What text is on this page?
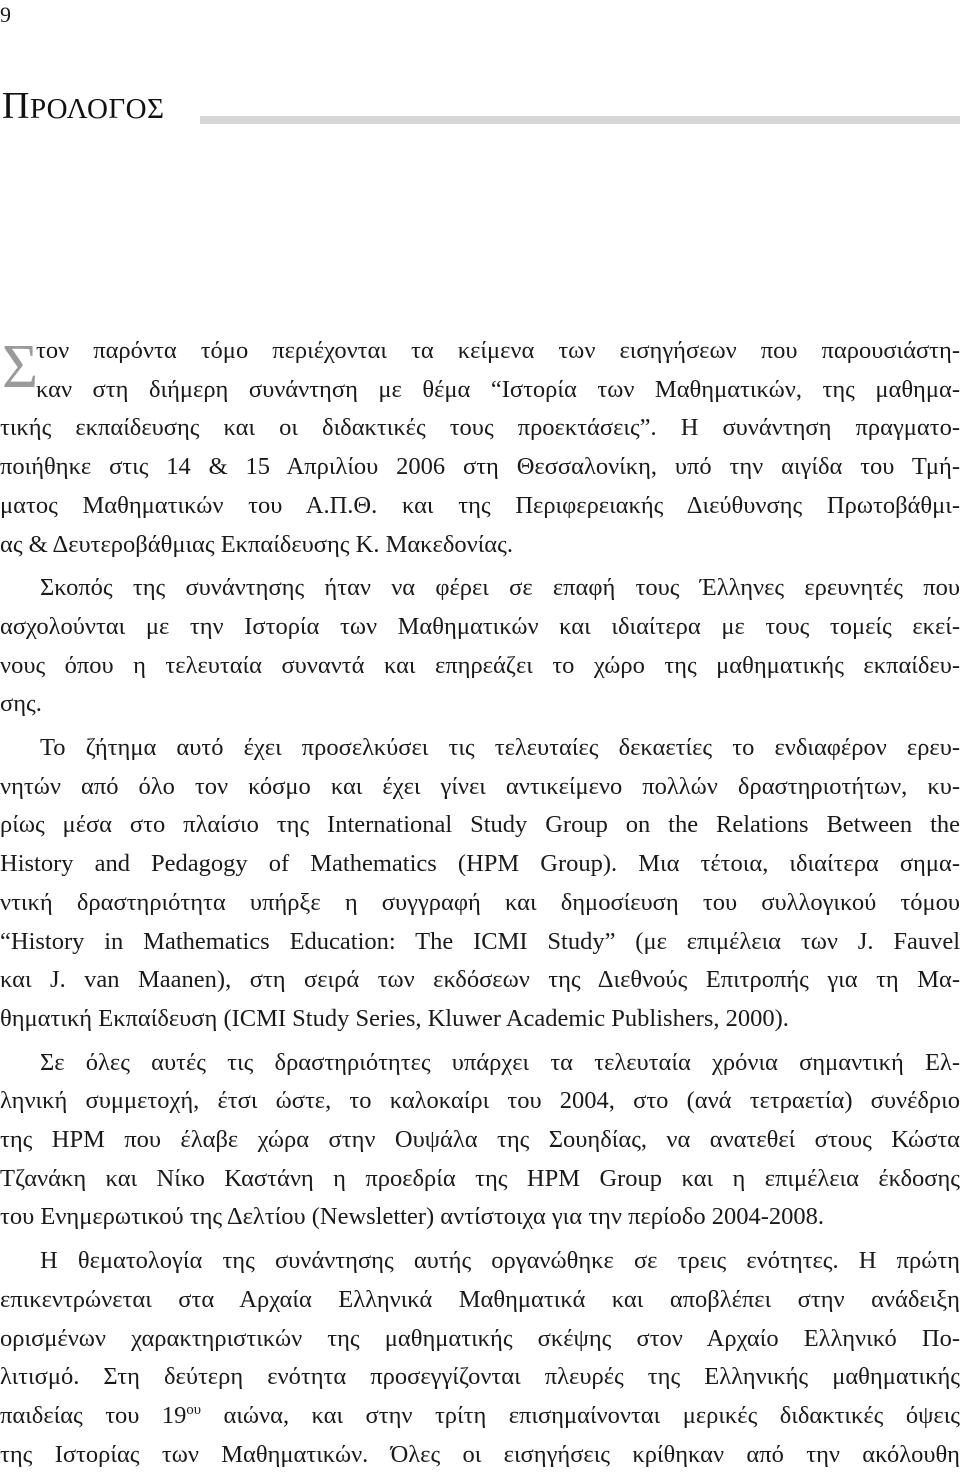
9
ΠΡΟΛΟΓΟΣ
Σ
τον παρόντα τόμο περιέχονται τα κείμενα των εισηγήσεων που παρουσιάστη-
καν στη διήμερη συνάντηση με θέμα “Ιστορία των Μαθηματικών, της μαθημα-
τικής εκπαίδευσης και οι διδακτικές τους προεκτάσεις”. Η συνάντηση πραγματο-
ποιήθηκε στις 14 & 15 Απριλίου 2006 στη Θεσσαλονίκη, υπό την αιγίδα του Τμή-
ματος Μαθηματικών του Α.Π.Θ. και της Περιφερειακής Διεύθυνσης Πρωτοβάθμι-
ας & Δευτεροβάθμιας Εκπαίδευσης Κ. Μακεδονίας.
Σκοπός της συνάντησης ήταν να φέρει σε επαφή τους Έλληνες ερευνητές που
ασχολούνται με την Ιστορία των Μαθηματικών και ιδιαίτερα με τους τομείς εκεί-
νους όπου η τελευταία συναντά και επηρεάζει το χώρο της μαθηματικής εκπαίδευ-
σης.
Το ζήτημα αυτό έχει προσελκύσει τις τελευταίες δεκαετίες το ενδιαφέρον ερευ-
νητών από όλο τον κόσμο και έχει γίνει αντικείμενο πολλών δραστηριοτήτων, κυ-
ρίως μέσα στο πλαίσιο της International Study Group on the Relations Between the
History and Pedagogy of Mathematics (HPM Group). Μια τέτοια, ιδιαίτερα σημα-
ντική δραστηριότητα υπήρξε η συγγραφή και δημοσίευση του συλλογικού τόμου
“History in Mathematics Education: The ICMI Study” (με επιμέλεια των J. Fauvel
και J. van Maanen), στη σειρά των εκδόσεων της Διεθνούς Επιτροπής για τη Μα-
θηματική Εκπαίδευση (ICMI Study Series, Kluwer Academic Publishers, 2000).
Σε όλες αυτές τις δραστηριότητες υπάρχει τα τελευταία χρόνια σημαντική Ελ-
ληνική συμμετοχή, έτσι ώστε, το καλοκαίρι του 2004, στο (ανά τετραετία) συνέδριο
της HPM που έλαβε χώρα στην Ουψάλα της Σουηδίας, να ανατεθεί στους Κώστα
Τζανάκη και Νίκο Καστάνη η προεδρία της HPM Group και η επιμέλεια έκδοσης
του Ενημερωτικού της Δελτίου (Newsletter) αντίστοιχα για την περίοδο 2004-2008.
Η θεματολογία της συνάντησης αυτής οργανώθηκε σε τρεις ενότητες. Η πρώτη
επικεντρώνεται στα Αρχαία Ελληνικά Μαθηματικά και αποβλέπει στην ανάδειξη
ορισμένων χαρακτηριστικών της μαθηματικής σκέψης στον Αρχαίο Ελληνικό Πο-
λιτισμό. Στη δεύτερη ενότητα προσεγγίζονται πλευρές της Ελληνικής μαθηματικής
παιδείας του $19^{o\upsilon}$ αιώνα, και στην τρίτη επισημαίνονται μερικές διδακτικές όψεις
της Ιστορίας των Μαθηματικών. Όλες οι εισηγήσεις κρίθηκαν από την ακόλουθη
